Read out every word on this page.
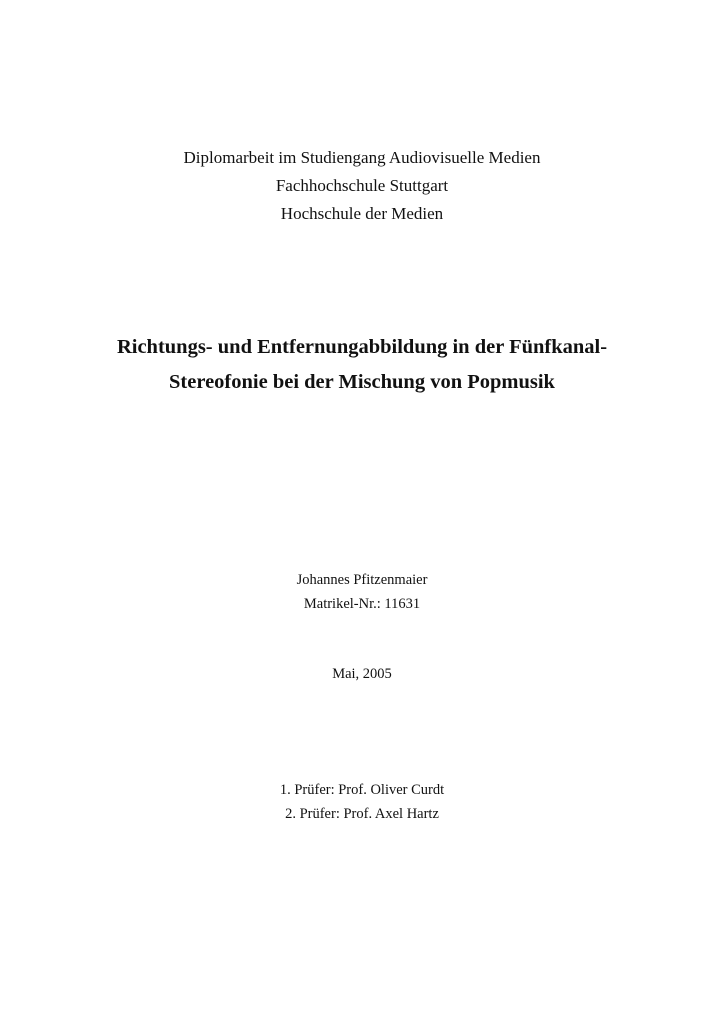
Diplomarbeit im Studiengang Audiovisuelle Medien
Fachhochschule Stuttgart
Hochschule der Medien
Richtungs- und Entfernungabbildung in der Fünfkanal-
Stereofonie bei der Mischung von Popmusik
Johannes Pfitzenmaier
Matrikel-Nr.: 11631
Mai, 2005
1. Prüfer: Prof. Oliver Curdt
2. Prüfer: Prof. Axel Hartz
